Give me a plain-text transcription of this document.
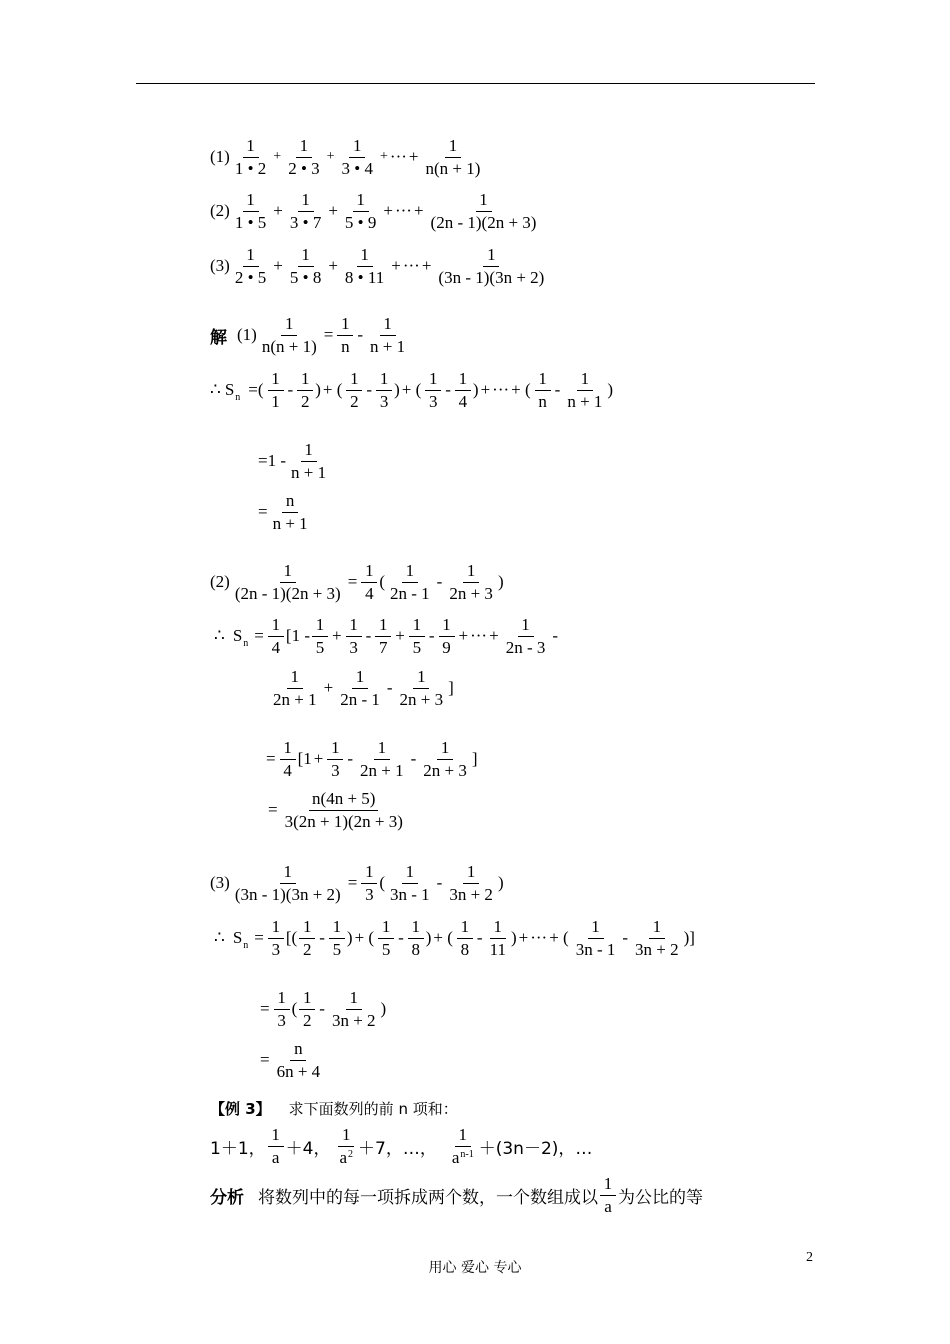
$(1) \frac{1}{1 • 2} + \frac{1}{2 • 3} + \frac{1}{3 • 4}$ + ··· + $\frac{1}{n(n + 1)}$
$(2) \frac{1}{1 • 5} + \frac{1}{3 • 7} + \frac{1}{5 • 9}$ + ··· + $\frac{1}{(2n - 1)(2n + 3)}$
$(3) \frac{1}{2 • 5} + \frac{1}{5 • 8} + \frac{1}{8 • 11}$ + ··· + $\frac{1}{(3n - 1)(3n + 2)}$
解 $(1) \frac{1}{n(n + 1)} = \frac{1}{n} - \frac{1}{n + 1}$
∴ S n =( $\frac{1}{1} - \frac{1}{2}$ ) + ( $\frac{1}{2} - \frac{1}{3}$ ) + ( $\frac{1}{3} - \frac{1}{4}$ ) + ··· + ( $\frac{1}{n} - \frac{1}{n + 1}$ )
= $1 - \frac{1}{n + 1}$
= $\frac{n}{n + 1}$
$(2) \frac{1}{(2n - 1)(2n + 3)} = \frac{1}{4}$ ( $\frac{1}{2n - 1} - \frac{1}{2n + 3}$ )
∴ S $n = \frac{1}{4}$ [ $1 - \frac{1}{5} + \frac{1}{3} - \frac{1}{7} + \frac{1}{5} - \frac{1}{9}$ + ··· + $\frac{1}{2n - 3}$ -
$\frac{1}{2n + 1} + \frac{1}{2n - 1} - \frac{1}{2n + 3}$ ]
= $\frac{1}{4} [1 + \frac{1}{3} - \frac{1}{2n + 1} - \frac{1}{2n + 3}$ ]
= $\frac{n(4n + 5)}{3(2n + 1)(2n + 3)}$
$(3) \frac{1}{(3n - 1)(3n + 2)} = \frac{1}{3}$ ( $\frac{1}{3n - 1} - \frac{1}{3n + 2}$ )
∴ S $n = \frac{1}{3}$ [( $\frac{1}{2} - \frac{1}{5}$ ) + ( $\frac{1}{5} - \frac{1}{8}$ ) + ( $\frac{1}{8} - \frac{1}{11}$ ) + ··· + ( $\frac{1}{3n - 1} - \frac{1}{3n + 2}$ )]
= $\frac{1}{3}$ ( $\frac{1}{2} - \frac{1}{3n + 2}$ )
= $\frac{n}{6n + 4}$
【例 3】 求下面数列的前 n 项和：
1＋1， $\frac{1}{a} +4$， $\frac{1}{a^2} +7$， …， $\frac{1}{a^{n-1}} +(3n-2)$，…
分析 将数列中的每一项拆成两个数，一个数组成以 $\frac{1}{a}$ 为公比的等
用心 爱心 专心
2
